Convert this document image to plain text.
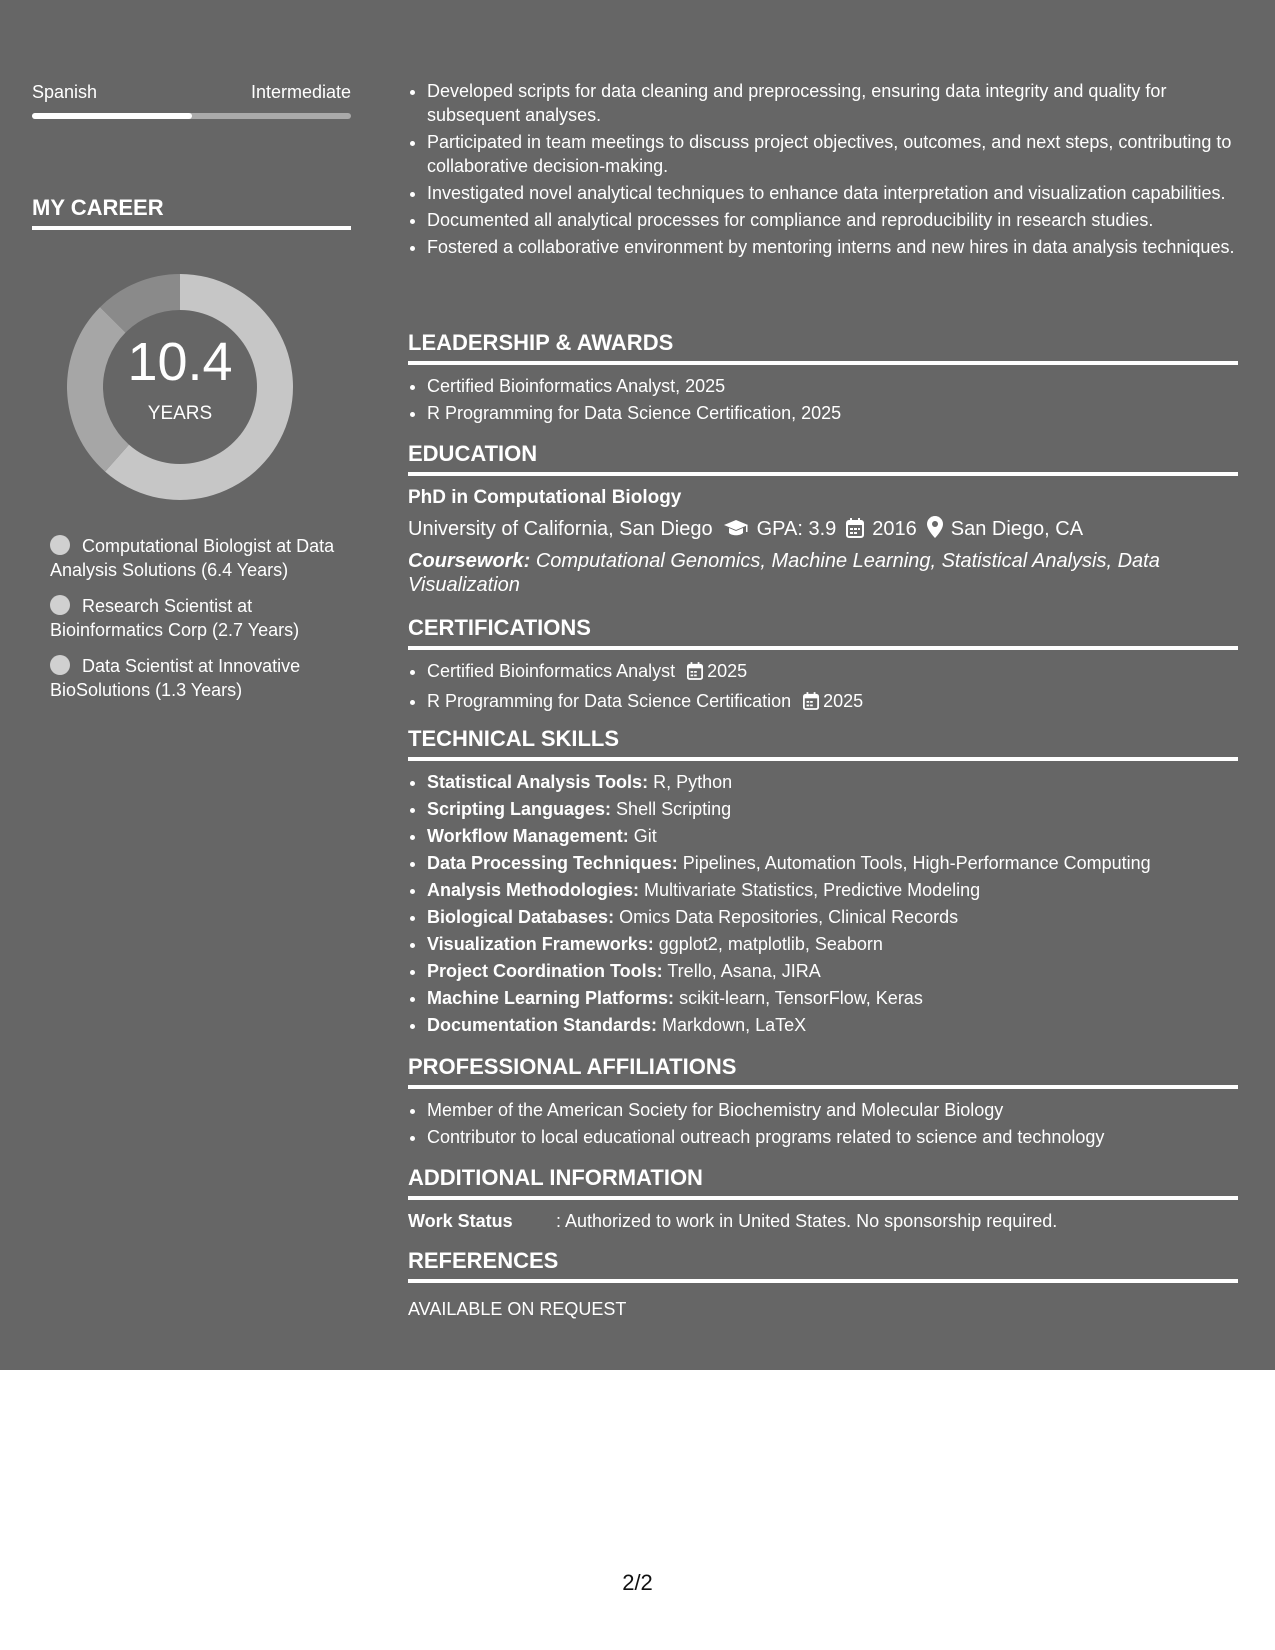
Spanish	Intermediate
MY CAREER
10.4
YEARS
Computational Biologist at Data Analysis Solutions (6.4 Years)
Research Scientist at Bioinformatics Corp (2.7 Years)
Data Scientist at Innovative BioSolutions (1.3 Years)
• Developed scripts for data cleaning and preprocessing, ensuring data integrity and quality for subsequent analyses.
• Participated in team meetings to discuss project objectives, outcomes, and next steps, contributing to collaborative decision-making.
• Investigated novel analytical techniques to enhance data interpretation and visualization capabilities.
• Documented all analytical processes for compliance and reproducibility in research studies.
• Fostered a collaborative environment by mentoring interns and new hires in data analysis techniques.
LEADERSHIP & AWARDS
• Certified Bioinformatics Analyst, 2025
• R Programming for Data Science Certification, 2025
EDUCATION
PhD in Computational Biology
University of California, San Diego GPA: 3.9 2016 San Diego, CA
Coursework: Computational Genomics, Machine Learning, Statistical Analysis, Data Visualization
CERTIFICATIONS
• Certified Bioinformatics Analyst 2025
• R Programming for Data Science Certification 2025
TECHNICAL SKILLS
• Statistical Analysis Tools: R, Python
• Scripting Languages: Shell Scripting
• Workflow Management: Git
• Data Processing Techniques: Pipelines, Automation Tools, High-Performance Computing
• Analysis Methodologies: Multivariate Statistics, Predictive Modeling
• Biological Databases: Omics Data Repositories, Clinical Records
• Visualization Frameworks: ggplot2, matplotlib, Seaborn
• Project Coordination Tools: Trello, Asana, JIRA
• Machine Learning Platforms: scikit-learn, TensorFlow, Keras
• Documentation Standards: Markdown, LaTeX
PROFESSIONAL AFFILIATIONS
• Member of the American Society for Biochemistry and Molecular Biology
• Contributor to local educational outreach programs related to science and technology
ADDITIONAL INFORMATION
Work Status : Authorized to work in United States. No sponsorship required.
REFERENCES
AVAILABLE ON REQUEST
2/2
